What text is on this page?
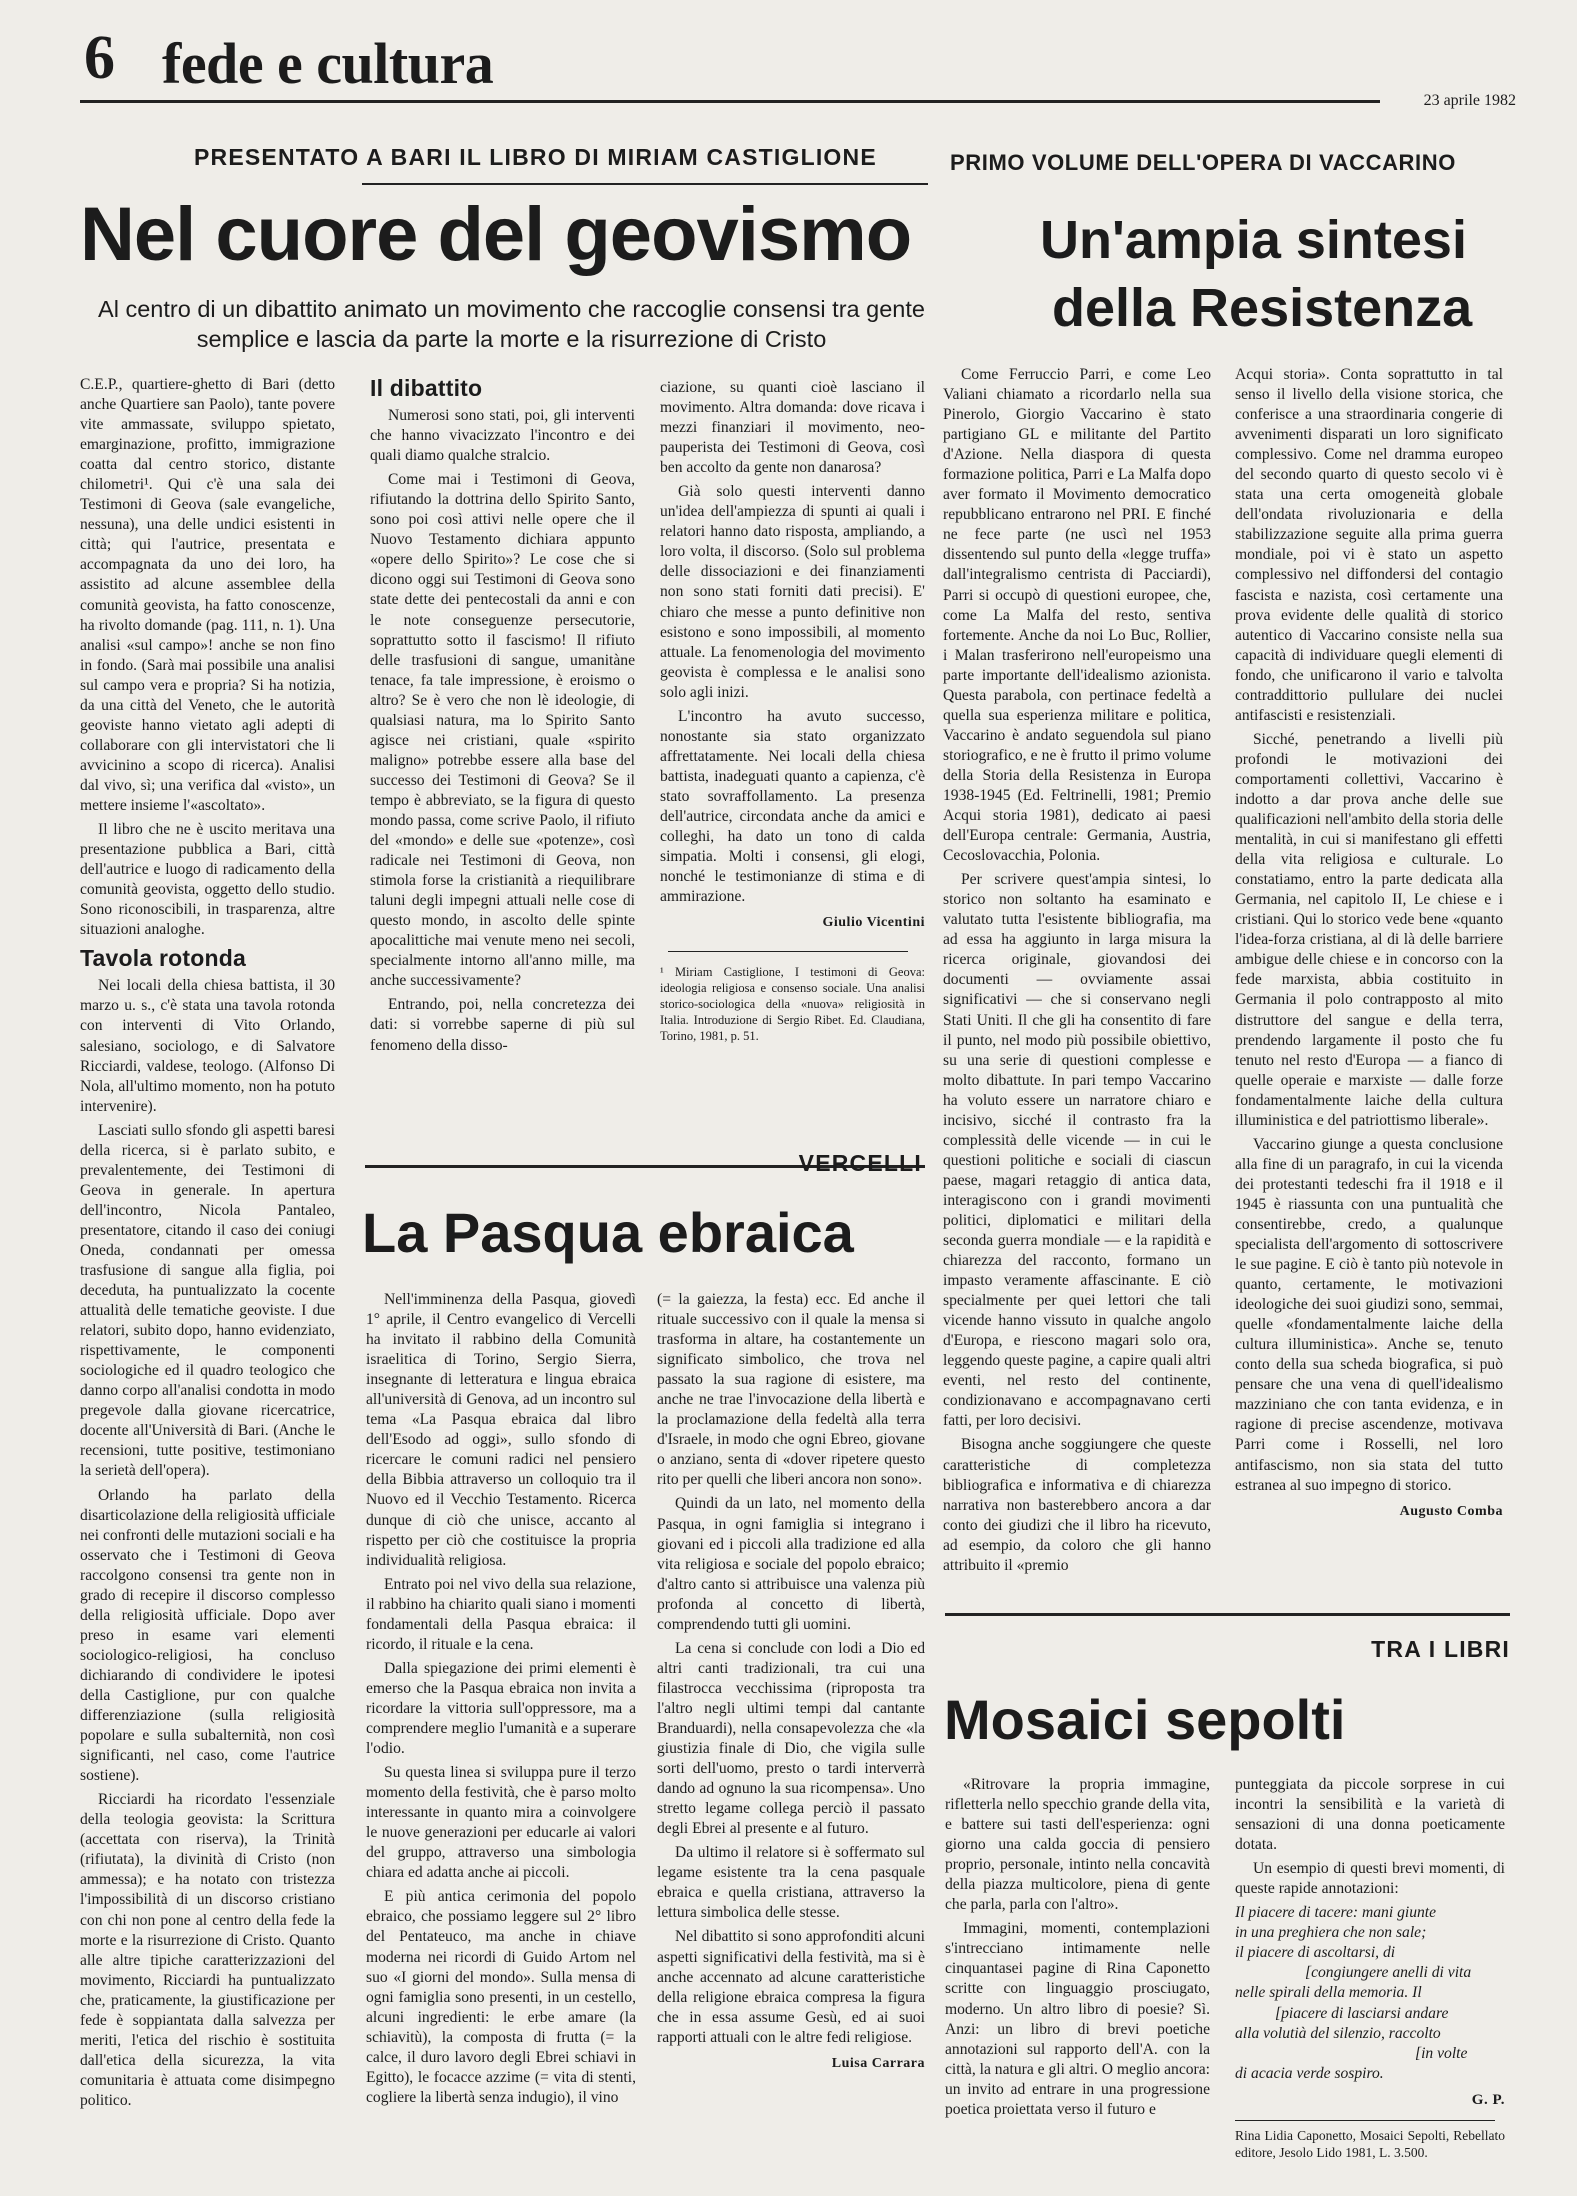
6 fede e cultura
23 aprile 1982
PRESENTATO A BARI IL LIBRO DI MIRIAM CASTIGLIONE
Nel cuore del geovismo
Al centro di un dibattito animato un movimento che raccoglie consensi tra gente semplice e lascia da parte la morte e la risurrezione di Cristo

C.E.P., quartiere-ghetto di Bari (detto anche Quartiere san Paolo), tante povere vite ammassate, sviluppo spietato, emarginazione, profitto, immigrazione coatta dal centro storico, distante chilometri¹. Qui c'è una sala dei Testimoni di Geova (sale evangeliche, nessuna), una delle undici esistenti in città; qui l'autrice, presentata e accompagnata da uno dei loro, ha assistito ad alcune assemblee della comunità geovista, ha fatto conoscenze, ha rivolto domande (pag. 111, n. 1). Una analisi «sul campo»! anche se non fino in fondo. (Sarà mai possibile una analisi sul campo vera e propria? Si ha notizia, da una città del Veneto, che le autorità geoviste hanno vietato agli adepti di collaborare con gli intervistatori che li avvicinino a scopo di ricerca). Analisi dal vivo, sì; una verifica dal «visto», un mettere insieme l'«ascoltato».

Il libro che ne è uscito meritava una presentazione pubblica a Bari, città dell'autrice e luogo di radicamento della comunità geovista, oggetto dello studio. Sono riconoscibili, in trasparenza, altre situazioni analoghe.

Tavola rotonda

Nei locali della chiesa battista, il 30 marzo u. s., c'è stata una tavola rotonda con interventi di Vito Orlando, salesiano, sociologo, e di Salvatore Ricciardi, valdese, teologo. (Alfonso Di Nola, all'ultimo momento, non ha potuto intervenire).

Lasciati sullo sfondo gli aspetti baresi della ricerca, si è parlato subito, e prevalentemente, dei Testimoni di Geova in generale. In apertura dell'incontro, Nicola Pantaleo, presentatore, citando il caso dei coniugi Oneda, condannati per omessa trasfusione di sangue alla figlia, poi deceduta, ha puntualizzato la cocente attualità delle tematiche geoviste. I due relatori, subito dopo, hanno evidenziato, rispettivamente, le componenti sociologiche ed il quadro teologico che danno corpo all'analisi condotta in modo pregevole dalla giovane ricercatrice, docente all'Università di Bari. (Anche le recensioni, tutte positive, testimoniano la serietà dell'opera).

Orlando ha parlato della disarticolazione della religiosità ufficiale nei confronti delle mutazioni sociali e ha osservato che i Testimoni di Geova raccolgono consensi tra gente non in grado di recepire il discorso complesso della religiosità ufficiale. Dopo aver preso in esame vari elementi sociologico-religiosi, ha concluso dichiarando di condividere le ipotesi della Castiglione, pur con qualche differenziazione (sulla religiosità popolare e sulla subalternità, non così significanti, nel caso, come l'autrice sostiene).

Ricciardi ha ricordato l'essenziale della teologia geovista: la Scrittura (accettata con riserva), la Trinità (rifiutata), la divinità di Cristo (non ammessa); e ha notato con tristezza l'impossibilità di un discorso cristiano con chi non pone al centro della fede la morte e la risurrezione di Cristo. Quanto alle altre tipiche caratterizzazioni del movimento, Ricciardi ha puntualizzato che, praticamente, la giustificazione per fede è soppiantata dalla salvezza per meriti, l'etica del rischio è sostituita dall'etica della sicurezza, la vita comunitaria è attuata come disimpegno politico.

Il dibattito

Numerosi sono stati, poi, gli interventi che hanno vivacizzato l'incontro e dei quali diamo qualche stralcio.

Come mai i Testimoni di Geova, rifiutando la dottrina dello Spirito Santo, sono poi così attivi nelle opere che il Nuovo Testamento dichiara appunto «opere dello Spirito»? Le cose che si dicono oggi sui Testimoni di Geova sono state dette dei pentecostali da anni e con le note conseguenze persecutorie, soprattutto sotto il fascismo! Il rifiuto delle trasfusioni di sangue, umanitàne tenace, fa tale impressione, è eroismo o altro? Se è vero che non lè ideologie, di qualsiasi natura, ma lo Spirito Santo agisce nei cristiani, quale «spirito maligno» potrebbe essere alla base del successo dei Testimoni di Geova? Se il tempo è abbreviato, se la figura di questo mondo passa, come scrive Paolo, il rifiuto del «mondo» e delle sue «potenze», così radicale nei Testimoni di Geova, non stimola forse la cristianità a riequilibrare taluni degli impegni attuali nelle cose di questo mondo, in ascolto delle spinte apocalittiche mai venute meno nei secoli, specialmente intorno all'anno mille, ma anche successivamente?

Entrando, poi, nella concretezza dei dati: si vorrebbe saperne di più sul fenomeno della disso-

ciazione, su quanti cioè lasciano il movimento. Altra domanda: dove ricava i mezzi finanziari il movimento, neo-pauperista dei Testimoni di Geova, così ben accolto da gente non danarosa?

Già solo questi interventi danno un'idea dell'ampiezza di spunti ai quali i relatori hanno dato risposta, ampliando, a loro volta, il discorso. (Solo sul problema delle dissociazioni e dei finanziamenti non sono stati forniti dati precisi). E' chiaro che messe a punto definitive non esistono e sono impossibili, al momento attuale. La fenomenologia del movimento geovista è complessa e le analisi sono solo agli inizi.

L'incontro ha avuto successo, nonostante sia stato organizzato affrettatamente. Nei locali della chiesa battista, inadeguati quanto a capienza, c'è stato sovraffollamento. La presenza dell'autrice, circondata anche da amici e colleghi, ha dato un tono di calda simpatia. Molti i consensi, gli elogi, nonché le testimonianze di stima e di ammirazione.

Giulio Vicentini
¹ Miriam Castiglione, I testimoni di Geova: ideologia religiosa e consenso sociale. Una analisi storico-sociologica della «nuova» religiosità in Italia. Introduzione di Sergio Ribet. Ed. Claudiana, Torino, 1981, p. 51.
PRIMO VOLUME DELL'OPERA DI VACCARINO
Un'ampia sintesi
della Resistenza

Come Ferruccio Parri, e come Leo Valiani chiamato a ricordarlo nella sua Pinerolo, Giorgio Vaccarino è stato partigiano GL e militante del Partito d'Azione. Nella diaspora di questa formazione politica, Parri e La Malfa dopo aver formato il Movimento democratico repubblicano entrarono nel PRI. E finché ne fece parte (ne uscì nel 1953 dissentendo sul punto della «legge truffa» dall'integralismo centrista di Pacciardi), Parri si occupò di questioni europee, che, come La Malfa del resto, sentiva fortemente. Anche da noi Lo Buc, Rollier, i Malan trasferirono nell'europeismo una parte importante dell'idealismo azionista. Questa parabola, con pertinace fedeltà a quella sua esperienza militare e politica, Vaccarino è andato seguendola sul piano storiografico, e ne è frutto il primo volume della Storia della Resistenza in Europa 1938-1945 (Ed. Feltrinelli, 1981; Premio Acqui storia 1981), dedicato ai paesi dell'Europa centrale: Germania, Austria, Cecoslovacchia, Polonia.

Per scrivere quest'ampia sintesi, lo storico non soltanto ha esaminato e valutato tutta l'esistente bibliografia, ma ad essa ha aggiunto in larga misura la ricerca originale, giovandosi dei documenti — ovviamente assai significativi — che si conservano negli Stati Uniti. Il che gli ha consentito di fare il punto, nel modo più possibile obiettivo, su una serie di questioni complesse e molto dibattute. In pari tempo Vaccarino ha voluto essere un narratore chiaro e incisivo, sicché il contrasto fra la complessità delle vicende — in cui le questioni politiche e sociali di ciascun paese, magari retaggio di antica data, interagiscono con i grandi movimenti politici, diplomatici e militari della seconda guerra mondiale — e la rapidità e chiarezza del racconto, formano un impasto veramente affascinante. E ciò specialmente per quei lettori che tali vicende hanno vissuto in qualche angolo d'Europa, e riescono magari solo ora, leggendo queste pagine, a capire quali altri eventi, nel resto del continente, condizionavano e accompagnavano certi fatti, per loro decisivi.

Bisogna anche soggiungere che queste caratteristiche di completezza bibliografica e informativa e di chiarezza narrativa non basterebbero ancora a dar conto dei giudizi che il libro ha ricevuto, ad esempio, da coloro che gli hanno attribuito il «premio

Acqui storia». Conta soprattutto in tal senso il livello della visione storica, che conferisce a una straordinaria congerie di avvenimenti disparati un loro significato complessivo. Come nel dramma europeo del secondo quarto di questo secolo vi è stata una certa omogeneità globale dell'ondata rivoluzionaria e della stabilizzazione seguite alla prima guerra mondiale, poi vi è stato un aspetto complessivo nel diffondersi del contagio fascista e nazista, così certamente una prova evidente delle qualità di storico autentico di Vaccarino consiste nella sua capacità di individuare quegli elementi di fondo, che unificarono il vario e talvolta contraddittorio pullulare dei nuclei antifascisti e resistenziali.

Sicché, penetrando a livelli più profondi le motivazioni dei comportamenti collettivi, Vaccarino è indotto a dar prova anche delle sue qualificazioni nell'ambito della storia delle mentalità, in cui si manifestano gli effetti della vita religiosa e culturale. Lo constatiamo, entro la parte dedicata alla Germania, nel capitolo II, Le chiese e i cristiani. Qui lo storico vede bene «quanto l'idea-forza cristiana, al di là delle barriere ambigue delle chiese e in concorso con la fede marxista, abbia costituito in Germania il polo contrapposto al mito distruttore del sangue e della terra, prendendo largamente il posto che fu tenuto nel resto d'Europa — a fianco di quelle operaie e marxiste — dalle forze fondamentalmente laiche della cultura illuministica e del patriottismo liberale».

Vaccarino giunge a questa conclusione alla fine di un paragrafo, in cui la vicenda dei protestanti tedeschi fra il 1918 e il 1945 è riassunta con una puntualità che consentirebbe, credo, a qualunque specialista dell'argomento di sottoscrivere le sue pagine. E ciò è tanto più notevole in quanto, certamente, le motivazioni ideologiche dei suoi giudizi sono, semmai, quelle «fondamentalmente laiche della cultura illuministica». Anche se, tenuto conto della sua scheda biografica, si può pensare che una vena di quell'idealismo mazziniano che con tanta evidenza, e in ragione di precise ascendenze, motivava Parri come i Rosselli, nel loro antifascismo, non sia stata del tutto estranea al suo impegno di storico.

Augusto Comba
VERCELLI
La Pasqua ebraica

Nell'imminenza della Pasqua, giovedì 1° aprile, il Centro evangelico di Vercelli ha invitato il rabbino della Comunità israelitica di Torino, Sergio Sierra, insegnante di letteratura e lingua ebraica all'università di Genova, ad un incontro sul tema «La Pasqua ebraica dal libro dell'Esodo ad oggi», sullo sfondo di ricercare le comuni radici nel pensiero della Bibbia attraverso un colloquio tra il Nuovo ed il Vecchio Testamento. Ricerca dunque di ciò che unisce, accanto al rispetto per ciò che costituisce la propria individualità religiosa.

Entrato poi nel vivo della sua relazione, il rabbino ha chiarito quali siano i momenti fondamentali della Pasqua ebraica: il ricordo, il rituale e la cena.

Dalla spiegazione dei primi elementi è emerso che la Pasqua ebraica non invita a ricordare la vittoria sull'oppressore, ma a comprendere meglio l'umanità e a superare l'odio.

Su questa linea si sviluppa pure il terzo momento della festività, che è parso molto interessante in quanto mira a coinvolgere le nuove generazioni per educarle ai valori del gruppo, attraverso una simbologia chiara ed adatta anche ai piccoli.

E più antica cerimonia del popolo ebraico, che possiamo leggere sul 2° libro del Pentateuco, ma anche in chiave moderna nei ricordi di Guido Artom nel suo «I giorni del mondo». Sulla mensa di ogni famiglia sono presenti, in un cestello, alcuni ingredienti: le erbe amare (la schiavitù), la composta di frutta (= la calce, il duro lavoro degli Ebrei schiavi in Egitto), le focacce azzime (= vita di stenti, cogliere la libertà senza indugio), il vino

(= la gaiezza, la festa) ecc. Ed anche il rituale successivo con il quale la mensa si trasforma in altare, ha costantemente un significato simbolico, che trova nel passato la sua ragione di esistere, ma anche ne trae l'invocazione della libertà e la proclamazione della fedeltà alla terra d'Israele, in modo che ogni Ebreo, giovane o anziano, senta di «dover ripetere questo rito per quelli che liberi ancora non sono».

Quindi da un lato, nel momento della Pasqua, in ogni famiglia si integrano i giovani ed i piccoli alla tradizione ed alla vita religiosa e sociale del popolo ebraico; d'altro canto si attribuisce una valenza più profonda al concetto di libertà, comprendendo tutti gli uomini.

La cena si conclude con lodi a Dio ed altri canti tradizionali, tra cui una filastrocca vecchissima (riproposta tra l'altro negli ultimi tempi dal cantante Branduardi), nella consapevolezza che «la giustizia finale di Dio, che vigila sulle sorti dell'uomo, presto o tardi interverrà dando ad ognuno la sua ricompensa». Uno stretto legame collega perciò il passato degli Ebrei al presente e al futuro.

Da ultimo il relatore si è soffermato sul legame esistente tra la cena pasquale ebraica e quella cristiana, attraverso la lettura simbolica delle stesse.

Nel dibattito si sono approfonditi alcuni aspetti significativi della festività, ma si è anche accennato ad alcune caratteristiche della religione ebraica compresa la figura che in essa assume Gesù, ed ai suoi rapporti attuali con le altre fedi religiose.

Luisa Carrara
TRA I LIBRI
Mosaici sepolti

«Ritrovare la propria immagine, rifletterla nello specchio grande della vita, e battere sui tasti dell'esperienza: ogni giorno una calda goccia di pensiero proprio, personale, intinto nella concavità della piazza multicolore, piena di gente che parla, parla con l'altro».

Immagini, momenti, contemplazioni s'intrecciano intimamente nelle cinquantasei pagine di Rina Caponetto scritte con linguaggio prosciugato, moderno. Un altro libro di poesie? Sì. Anzi: un libro di brevi poetiche annotazioni sul rapporto dell'A. con la città, la natura e gli altri. O meglio ancora: un invito ad entrare in una progressione poetica proiettata verso il futuro e

punteggiata da piccole sorprese in cui incontri la sensibilità e la varietà di sensazioni di una donna poeticamente dotata.

Un esempio di questi brevi momenti, di queste rapide annotazioni:

Il piacere di tacere: mani giunte
in una preghiera che non sale;
il piacere di ascoltarsi, di
[congiungere anelli di vita
nelle spirali della memoria. Il
[piacere di lasciarsi andare
alla volutià del silenzio, raccolto
[in volte
di acacia verde sospiro.
G. P.
Rina Lidia Caponetto, Mosaici Sepolti, Rebellato editore, Jesolo Lido 1981, L. 3.500.
